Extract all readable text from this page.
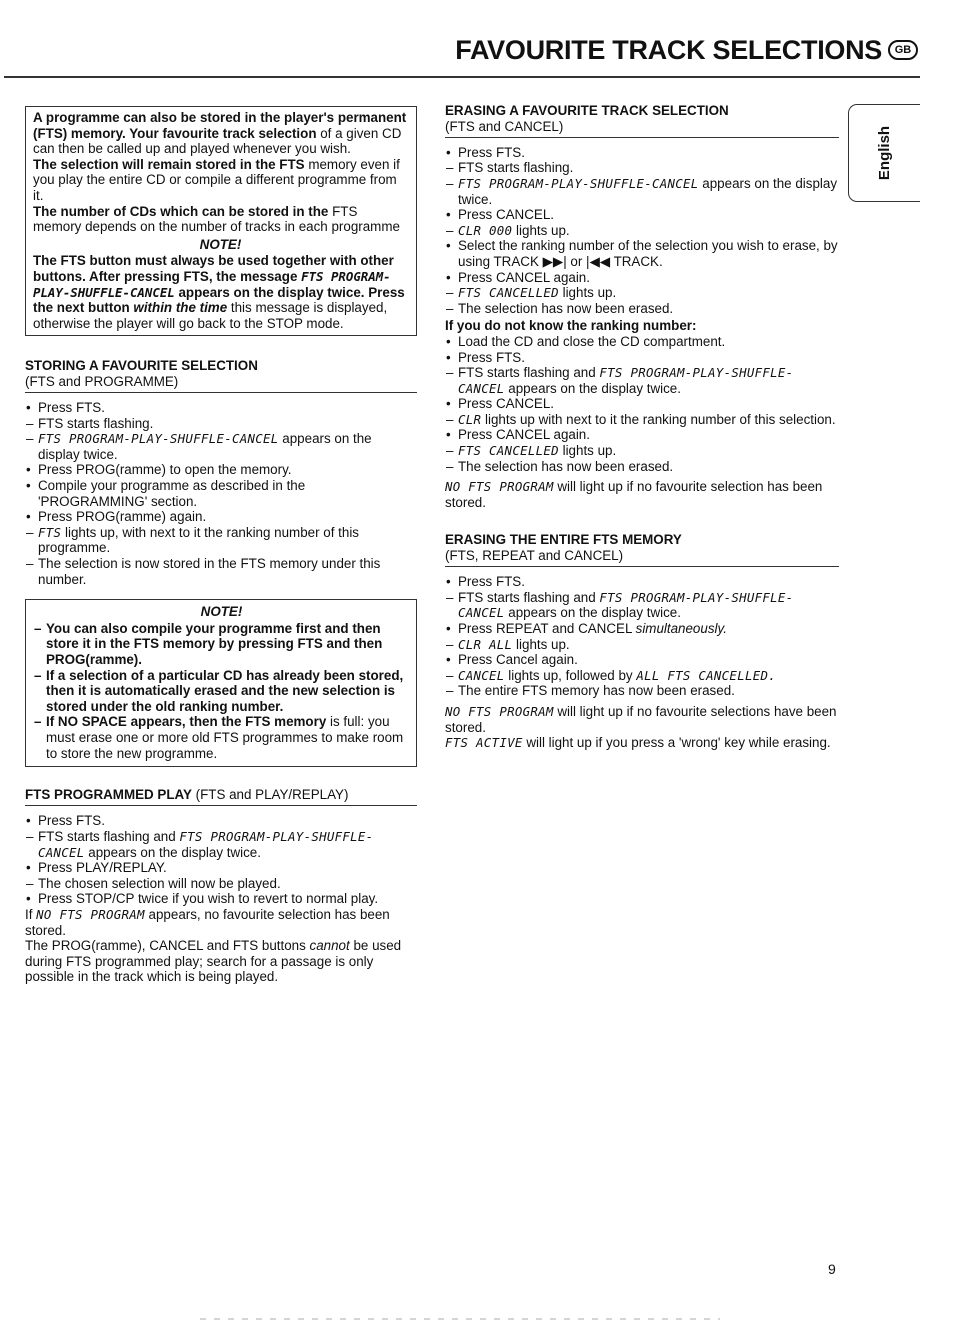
FAVOURITE TRACK SELECTIONS	GB
English

A programme can also be stored in the player's permanent (FTS) memory. Your favourite track selection of a given CD can then be called up and played whenever you wish.

The selection will remain stored in the FTS memory even if you play the entire CD or compile a different programme from it.

The number of CDs which can be stored in the FTS memory depends on the number of tracks in each programme

NOTE!

The FTS button must always be used together with other buttons. After pressing FTS, the message FTS PROGRAM-PLAY-SHUFFLE-CANCEL appears on the display twice. Press the next button within the time this message is displayed, otherwise the player will go back to the STOP mode.

STORING A FAVOURITE SELECTION
(FTS and PROGRAMME)
• Press FTS.
– FTS starts flashing.
– FTS PROGRAM-PLAY-SHUFFLE-CANCEL appears on the display twice.
• Press PROG(ramme) to open the memory.
• Compile your programme as described in the 'PROGRAMMING' section.
• Press PROG(ramme) again.
– FTS lights up, with next to it the ranking number of this programme.
– The selection is now stored in the FTS memory under this number.
NOTE!
– You can also compile your programme first and then store it in the FTS memory by pressing FTS and then PROG(ramme).
– If a selection of a particular CD has already been stored, then it is automatically erased and the new selection is stored under the old ranking number.
– If NO SPACE appears, then the FTS memory is full: you must erase one or more old FTS programmes to make room to store the new programme.
FTS PROGRAMMED PLAY (FTS and PLAY/REPLAY)
• Press FTS.
– FTS starts flashing and FTS PROGRAM-PLAY-SHUFFLE-CANCEL appears on the display twice.
• Press PLAY/REPLAY.
– The chosen selection will now be played.
• Press STOP/CP twice if you wish to revert to normal play.

If NO FTS PROGRAM appears, no favourite selection has been stored.

The PROG(ramme), CANCEL and FTS buttons cannot be used during FTS programmed play; search for a passage is only possible in the track which is being played.

ERASING A FAVOURITE TRACK SELECTION
(FTS and CANCEL)
• Press FTS.
– FTS starts flashing.
– FTS PROGRAM-PLAY-SHUFFLE-CANCEL appears on the display twice.
• Press CANCEL.
– CLR 000 lights up.
• Select the ranking number of the selection you wish to erase, by using TRACK ▶▶| or |◀◀ TRACK.
• Press CANCEL again.
– FTS CANCELLED lights up.
– The selection has now been erased.
If you do not know the ranking number:
• Load the CD and close the CD compartment.
• Press FTS.
– FTS starts flashing and FTS PROGRAM-PLAY-SHUFFLE-CANCEL appears on the display twice.
• Press CANCEL.
– CLR lights up with next to it the ranking number of this selection.
• Press CANCEL again.
– FTS CANCELLED lights up.
– The selection has now been erased.

NO FTS PROGRAM will light up if no favourite selection has been stored.

ERASING THE ENTIRE FTS MEMORY
(FTS, REPEAT and CANCEL)
• Press FTS.
– FTS starts flashing and FTS PROGRAM-PLAY-SHUFFLE-CANCEL appears on the display twice.
• Press REPEAT and CANCEL simultaneously.
– CLR ALL lights up.
• Press Cancel again.
– CANCEL lights up, followed by ALL FTS CANCELLED.
– The entire FTS memory has now been erased.

NO FTS PROGRAM will light up if no favourite selections have been stored.

FTS ACTIVE will light up if you press a 'wrong' key while erasing.

9
